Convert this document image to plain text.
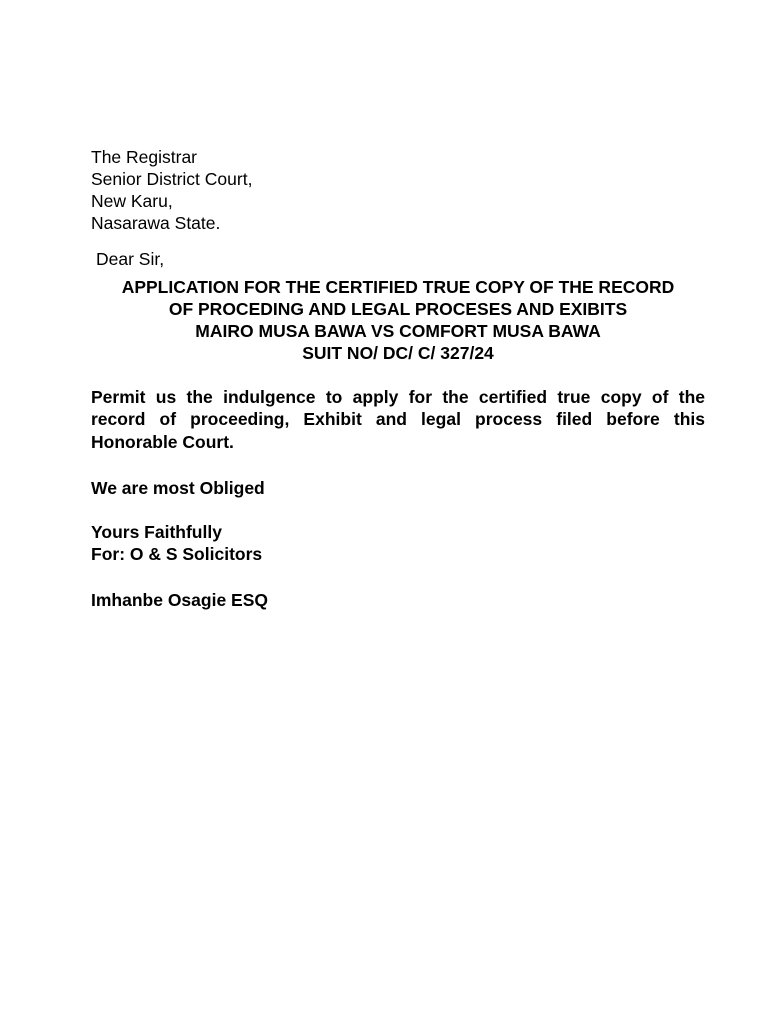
The Registrar
Senior District Court,
New Karu,
Nasarawa State.
Dear Sir,
APPLICATION FOR THE CERTIFIED TRUE COPY OF THE RECORD
OF PROCEDING AND LEGAL PROCESES AND EXIBITS
MAIRO MUSA BAWA VS COMFORT MUSA BAWA
SUIT NO/ DC/ C/ 327/24
Permit us the indulgence to apply for the certified true copy of the
record of proceeding, Exhibit and legal process filed before this
Honorable Court.
We are most Obliged
Yours Faithfully
For: O & S Solicitors
Imhanbe Osagie ESQ
